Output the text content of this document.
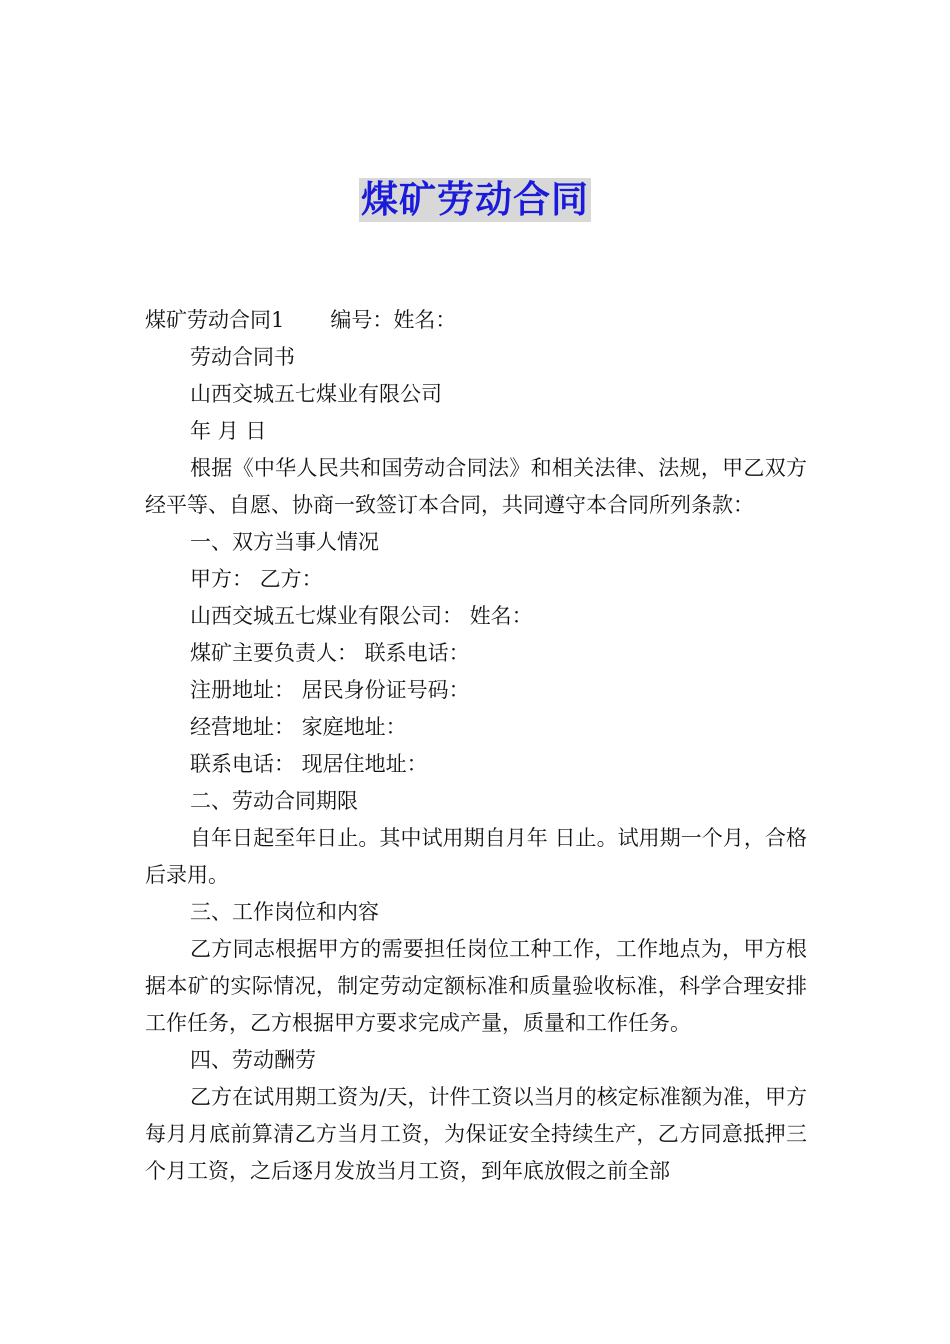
煤矿劳动合同

煤矿劳动合同1 编号：姓名：

劳动合同书

山西交城五七煤业有限公司

年 月 日

根据《中华人民共和国劳动合同法》和相关法律、法规，甲乙双方经平等、自愿、协商一致签订本合同，共同遵守本合同所列条款：

一、双方当事人情况

甲方： 乙方：

山西交城五七煤业有限公司： 姓名：

煤矿主要负责人： 联系电话：

注册地址： 居民身份证号码：

经营地址： 家庭地址：

联系电话： 现居住地址：

二、劳动合同期限

自年日起至年日止。其中试用期自月年 日止。试用期一个月，合格后录用。

三、工作岗位和内容

乙方同志根据甲方的需要担任岗位工种工作，工作地点为，甲方根据本矿的实际情况，制定劳动定额标准和质量验收标准，科学合理安排工作任务，乙方根据甲方要求完成产量，质量和工作任务。

四、劳动酬劳

乙方在试用期工资为/天，计件工资以当月的核定标准额为准，甲方每月月底前算清乙方当月工资，为保证安全持续生产，乙方同意抵押三个月工资，之后逐月发放当月工资，到年底放假之前全部
